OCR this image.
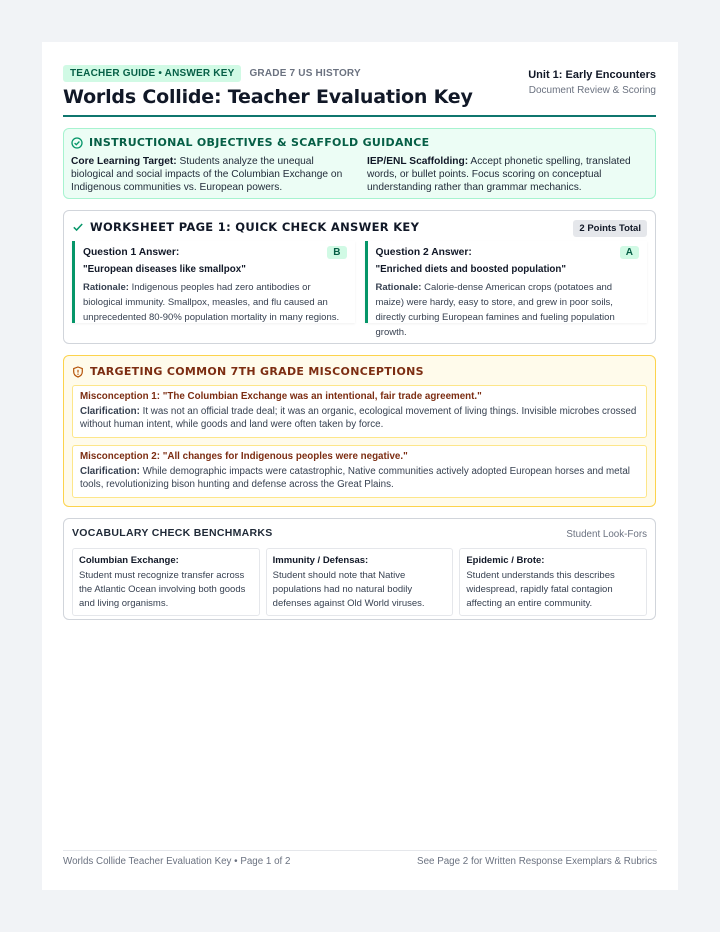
TEACHER GUIDE • ANSWER KEY	GRADE 7 US HISTORY
Worlds Collide: Teacher Evaluation Key
Unit 1: Early Encounters
Document Review & Scoring
INSTRUCTIONAL OBJECTIVES & SCAFFOLD GUIDANCE

Core Learning Target: Students analyze the unequal biological and social impacts of the Columbian Exchange on Indigenous communities vs. European powers.

IEP/ENL Scaffolding: Accept phonetic spelling, translated words, or bullet points. Focus scoring on conceptual understanding rather than grammar mechanics.

WORKSHEET PAGE 1: QUICK CHECK ANSWER KEY	2 Points Total
Question 1 Answer:	B
"European diseases like smallpox"
Rationale: Indigenous peoples had zero antibodies or biological immunity. Smallpox, measles, and flu caused an unprecedented 80-90% population mortality in many regions.
Question 2 Answer:	A
"Enriched diets and boosted population"
Rationale: Calorie-dense American crops (potatoes and maize) were hardy, easy to store, and grew in poor soils, directly curbing European famines and fueling population growth.
TARGETING COMMON 7TH GRADE MISCONCEPTIONS
Misconception 1: "The Columbian Exchange was an intentional, fair trade agreement."

Clarification: It was not an official trade deal; it was an organic, ecological movement of living things. Invisible microbes crossed without human intent, while goods and land were often taken by force.

Misconception 2: "All changes for Indigenous peoples were negative."

Clarification: While demographic impacts were catastrophic, Native communities actively adopted European horses and metal tools, revolutionizing bison hunting and defense across the Great Plains.

VOCABULARY CHECK BENCHMARKS	Student Look-Fors
Columbian Exchange:

Student must recognize transfer across the Atlantic Ocean involving both goods and living organisms.

Immunity / Defensas:

Student should note that Native populations had no natural bodily defenses against Old World viruses.

Epidemic / Brote:

Student understands this describes widespread, rapidly fatal contagion affecting an entire community.

Worlds Collide Teacher Evaluation Key • Page 1 of 2	See Page 2 for Written Response Exemplars & Rubrics
